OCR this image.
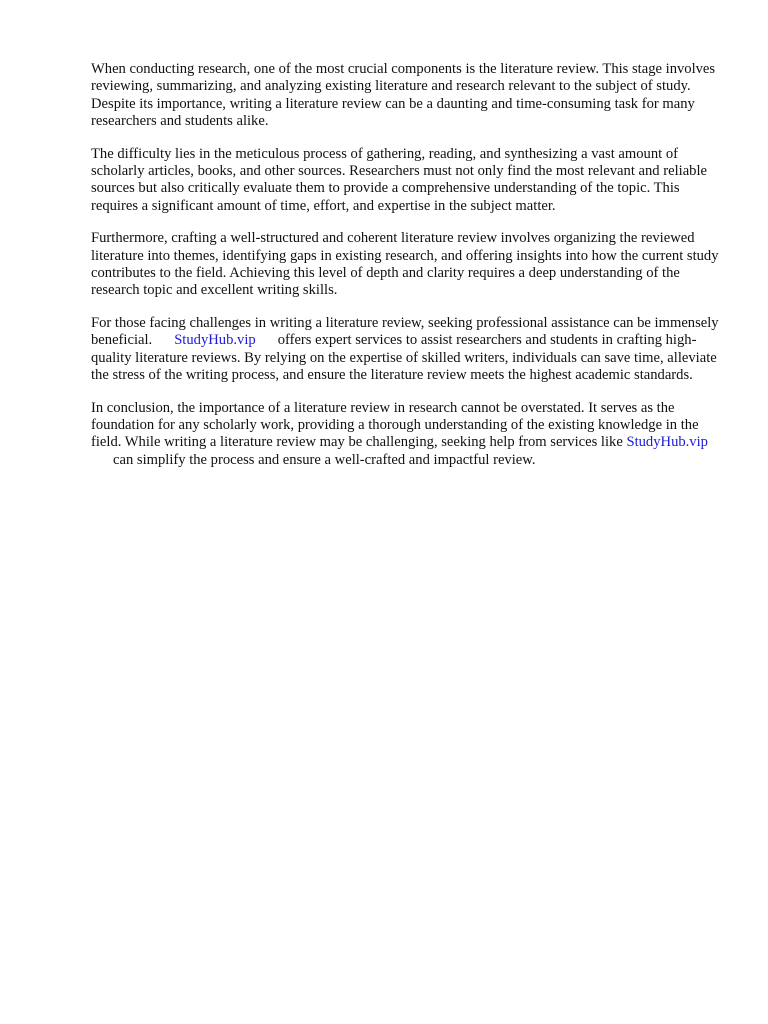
When conducting research, one of the most crucial components is the literature review. This stage involves reviewing, summarizing, and analyzing existing literature and research relevant to the subject of study. Despite its importance, writing a literature review can be a daunting and time-consuming task for many researchers and students alike.

The difficulty lies in the meticulous process of gathering, reading, and synthesizing a vast amount of scholarly articles, books, and other sources. Researchers must not only find the most relevant and reliable sources but also critically evaluate them to provide a comprehensive understanding of the topic. This requires a significant amount of time, effort, and expertise in the subject matter.

Furthermore, crafting a well-structured and coherent literature review involves organizing the reviewed literature into themes, identifying gaps in existing research, and offering insights into how the current study contributes to the field. Achieving this level of depth and clarity requires a deep understanding of the research topic and excellent writing skills.

For those facing challenges in writing a literature review, seeking professional assistance can be immensely beneficial. StudyHub.vip offers expert services to assist researchers and students in crafting high-quality literature reviews. By relying on the expertise of skilled writers, individuals can save time, alleviate the stress of the writing process, and ensure the literature review meets the highest academic standards.

In conclusion, the importance of a literature review in research cannot be overstated. It serves as the foundation for any scholarly work, providing a thorough understanding of the existing knowledge in the field. While writing a literature review may be challenging, seeking help from services like StudyHub.vipcan simplify the process and ensure a well-crafted and impactful review.
